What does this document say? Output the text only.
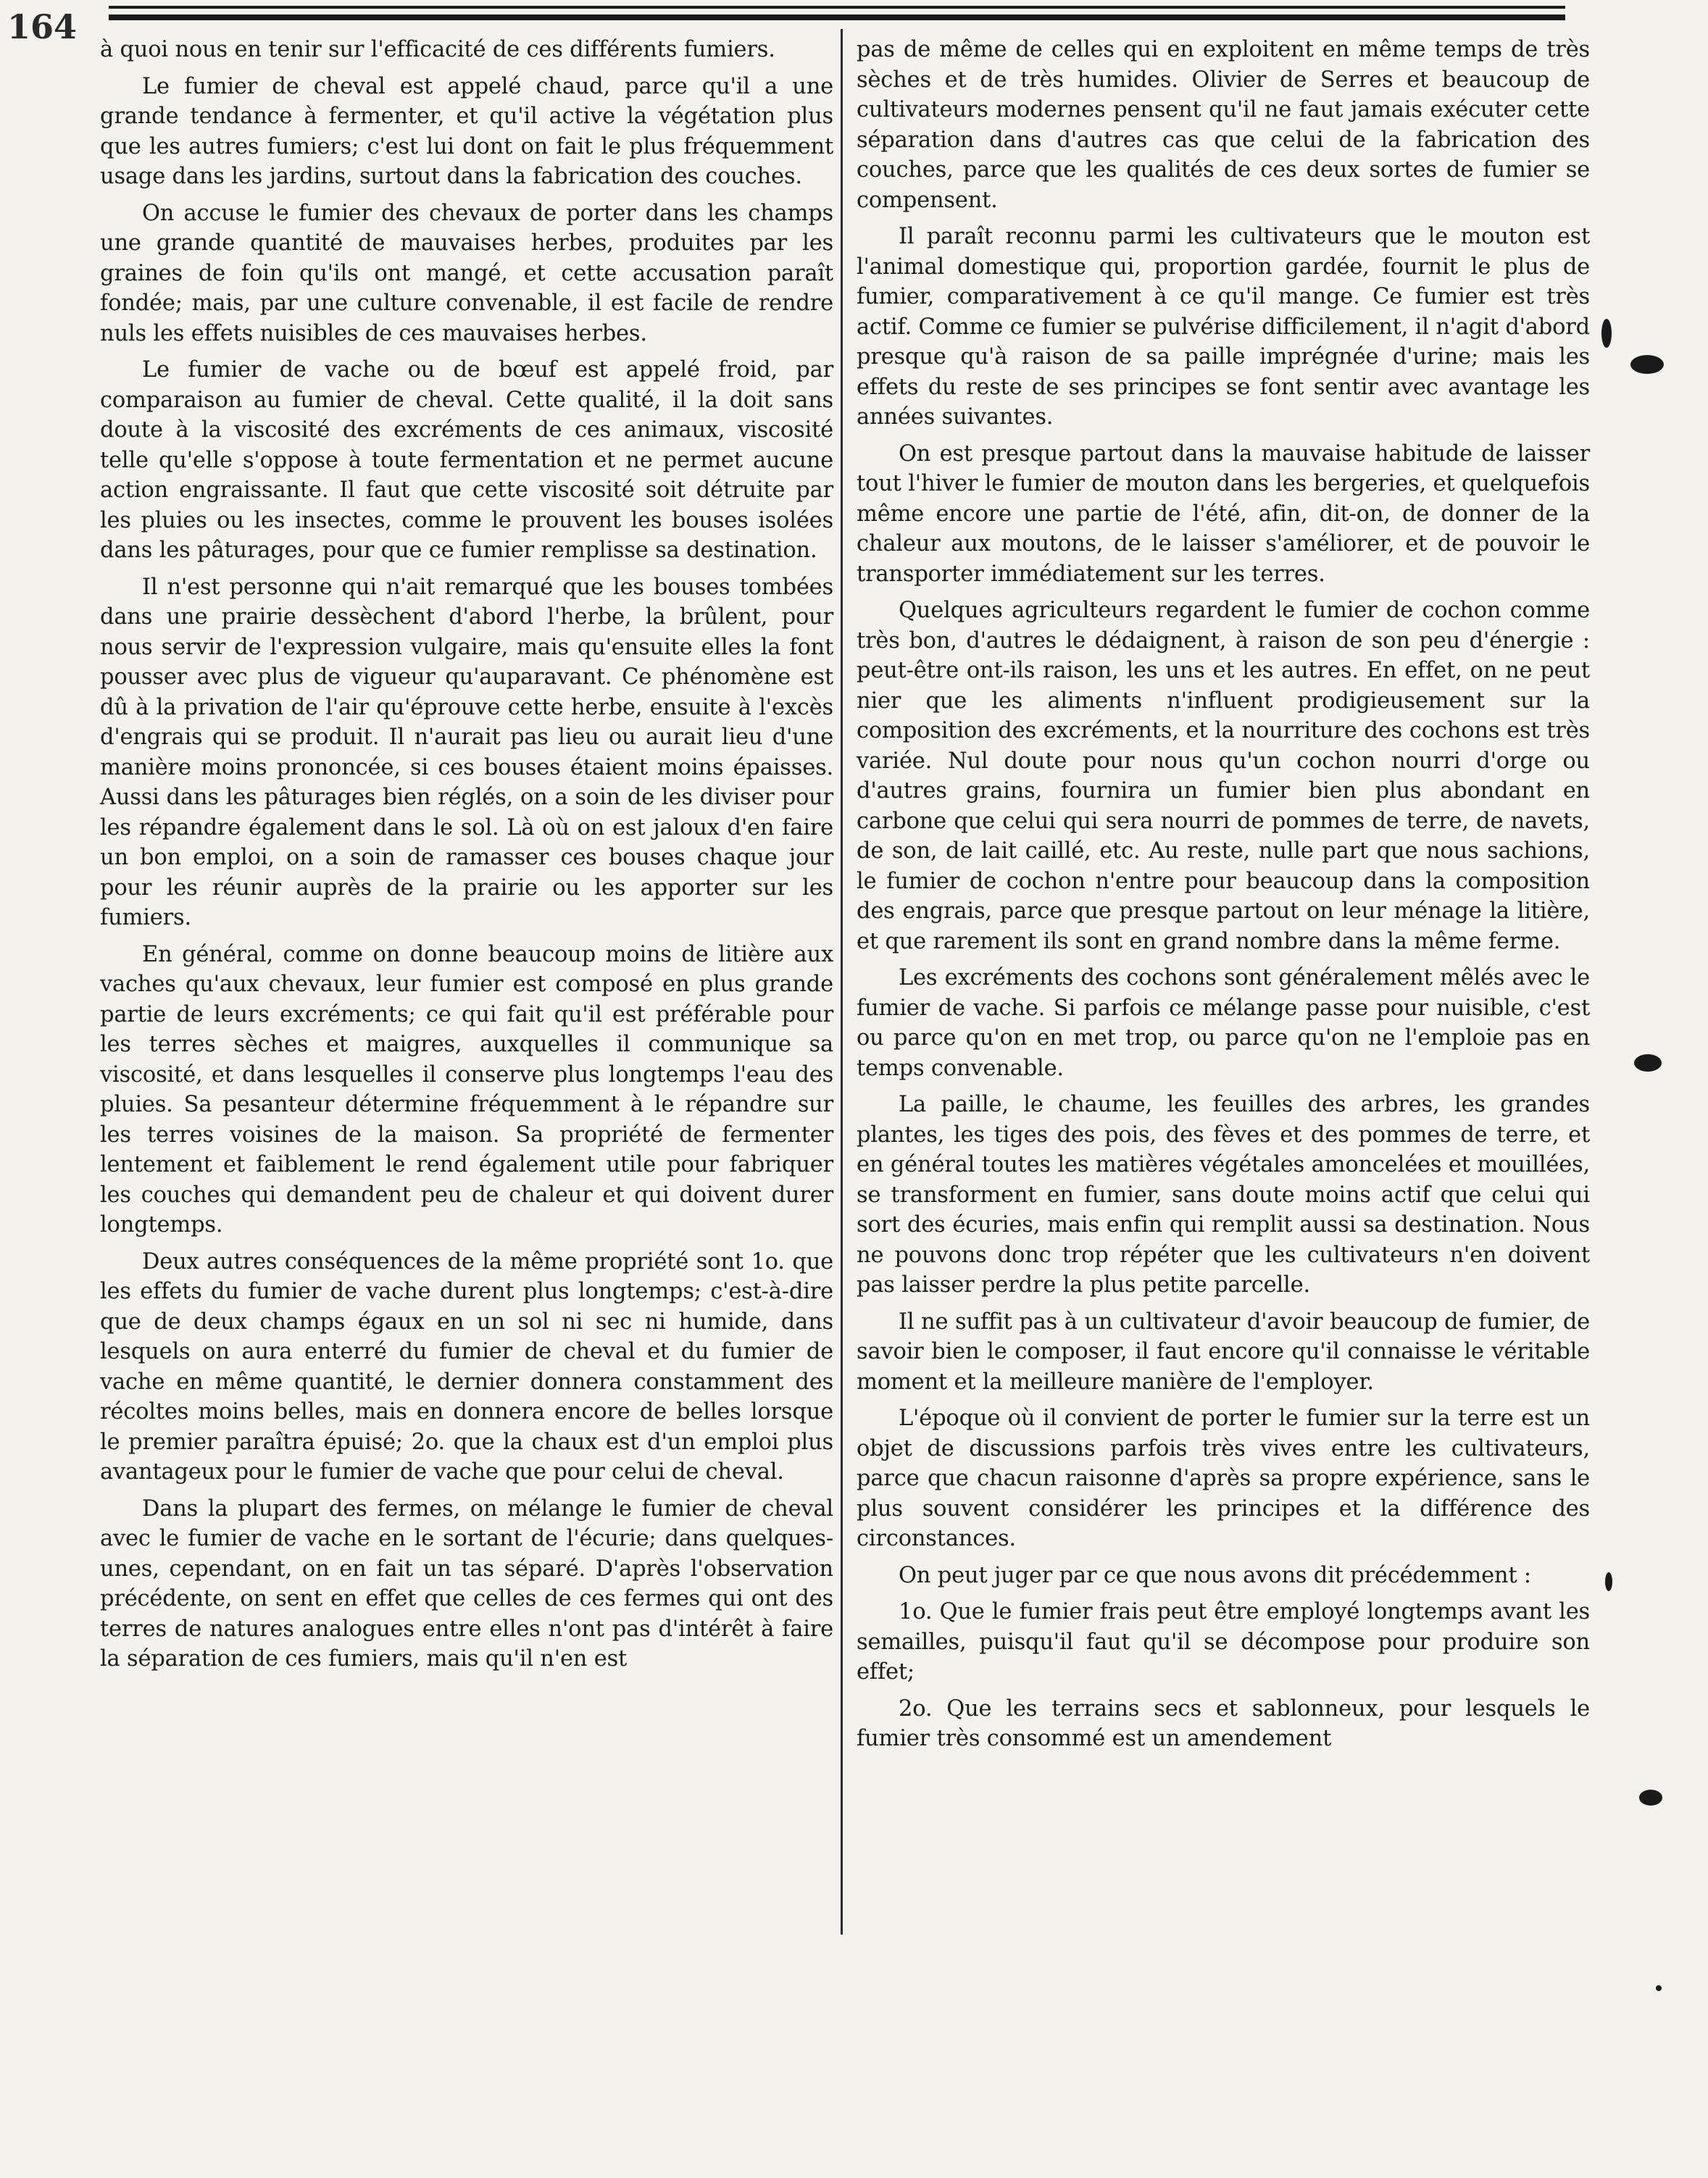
164

à quoi nous en tenir sur l'efficacité de ces différents fumiers.

Le fumier de cheval est appelé chaud, parce qu'il a une grande tendance à fermenter, et qu'il active la végétation plus que les autres fumiers; c'est lui dont on fait le plus fréquemment usage dans les jardins, surtout dans la fabrication des couches.

On accuse le fumier des chevaux de porter dans les champs une grande quantité de mauvaises herbes, produites par les graines de foin qu'ils ont mangé, et cette accusation paraît fondée; mais, par une culture convenable, il est facile de rendre nuls les effets nuisibles de ces mauvaises herbes.

Le fumier de vache ou de bœuf est appelé froid, par comparaison au fumier de cheval. Cette qualité, il la doit sans doute à la viscosité des excréments de ces animaux, viscosité telle qu'elle s'oppose à toute fermentation et ne permet aucune action engraissante. Il faut que cette viscosité soit détruite par les pluies ou les insectes, comme le prouvent les bouses isolées dans les pâturages, pour que ce fumier remplisse sa destination.

Il n'est personne qui n'ait remarqué que les bouses tombées dans une prairie dessèchent d'abord l'herbe, la brûlent, pour nous servir de l'expression vulgaire, mais qu'ensuite elles la font pousser avec plus de vigueur qu'auparavant. Ce phénomène est dû à la privation de l'air qu'éprouve cette herbe, ensuite à l'excès d'engrais qui se produit. Il n'aurait pas lieu ou aurait lieu d'une manière moins prononcée, si ces bouses étaient moins épaisses. Aussi dans les pâturages bien réglés, on a soin de les diviser pour les répandre également dans le sol. Là où on est jaloux d'en faire un bon emploi, on a soin de ramasser ces bouses chaque jour pour les réunir auprès de la prairie ou les apporter sur les fumiers.

En général, comme on donne beaucoup moins de litière aux vaches qu'aux chevaux, leur fumier est composé en plus grande partie de leurs excréments; ce qui fait qu'il est préférable pour les terres sèches et maigres, auxquelles il communique sa viscosité, et dans lesquelles il conserve plus longtemps l'eau des pluies. Sa pesanteur détermine fréquemment à le répandre sur les terres voisines de la maison. Sa propriété de fermenter lentement et faiblement le rend également utile pour fabriquer les couches qui demandent peu de chaleur et qui doivent durer longtemps.

Deux autres conséquences de la même propriété sont 1o. que les effets du fumier de vache durent plus longtemps; c'est-à-dire que de deux champs égaux en un sol ni sec ni humide, dans lesquels on aura enterré du fumier de cheval et du fumier de vache en même quantité, le dernier donnera constamment des récoltes moins belles, mais en donnera encore de belles lorsque le premier paraîtra épuisé; 2o. que la chaux est d'un emploi plus avantageux pour le fumier de vache que pour celui de cheval.

Dans la plupart des fermes, on mélange le fumier de cheval avec le fumier de vache en le sortant de l'écurie; dans quelques-unes, cependant, on en fait un tas séparé. D'après l'observation précédente, on sent en effet que celles de ces fermes qui ont des terres de natures analogues entre elles n'ont pas d'intérêt à faire la séparation de ces fumiers, mais qu'il n'en est

pas de même de celles qui en exploitent en même temps de très sèches et de très humides. Olivier de Serres et beaucoup de cultivateurs modernes pensent qu'il ne faut jamais exécuter cette séparation dans d'autres cas que celui de la fabrication des couches, parce que les qualités de ces deux sortes de fumier se compensent.

Il paraît reconnu parmi les cultivateurs que le mouton est l'animal domestique qui, proportion gardée, fournit le plus de fumier, comparativement à ce qu'il mange. Ce fumier est très actif. Comme ce fumier se pulvérise difficilement, il n'agit d'abord presque qu'à raison de sa paille imprégnée d'urine; mais les effets du reste de ses principes se font sentir avec avantage les années suivantes.

On est presque partout dans la mauvaise habitude de laisser tout l'hiver le fumier de mouton dans les bergeries, et quelquefois même encore une partie de l'été, afin, dit-on, de donner de la chaleur aux moutons, de le laisser s'améliorer, et de pouvoir le transporter immédiatement sur les terres.

Quelques agriculteurs regardent le fumier de cochon comme très bon, d'autres le dédaignent, à raison de son peu d'énergie : peut-être ont-ils raison, les uns et les autres. En effet, on ne peut nier que les aliments n'influent prodigieusement sur la composition des excréments, et la nourriture des cochons est très variée. Nul doute pour nous qu'un cochon nourri d'orge ou d'autres grains, fournira un fumier bien plus abondant en carbone que celui qui sera nourri de pommes de terre, de navets, de son, de lait caillé, etc. Au reste, nulle part que nous sachions, le fumier de cochon n'entre pour beaucoup dans la composition des engrais, parce que presque partout on leur ménage la litière, et que rarement ils sont en grand nombre dans la même ferme.

Les excréments des cochons sont généralement mêlés avec le fumier de vache. Si parfois ce mélange passe pour nuisible, c'est ou parce qu'on en met trop, ou parce qu'on ne l'emploie pas en temps convenable.

La paille, le chaume, les feuilles des arbres, les grandes plantes, les tiges des pois, des fèves et des pommes de terre, et en général toutes les matières végétales amoncelées et mouillées, se transforment en fumier, sans doute moins actif que celui qui sort des écuries, mais enfin qui remplit aussi sa destination. Nous ne pouvons donc trop répéter que les cultivateurs n'en doivent pas laisser perdre la plus petite parcelle.

Il ne suffit pas à un cultivateur d'avoir beaucoup de fumier, de savoir bien le composer, il faut encore qu'il connaisse le véritable moment et la meilleure manière de l'employer.

L'époque où il convient de porter le fumier sur la terre est un objet de discussions parfois très vives entre les cultivateurs, parce que chacun raisonne d'après sa propre expérience, sans le plus souvent considérer les principes et la différence des circonstances.

On peut juger par ce que nous avons dit précédemment :

1o. Que le fumier frais peut être employé longtemps avant les semailles, puisqu'il faut qu'il se décompose pour produire son effet;

2o. Que les terrains secs et sablonneux, pour lesquels le fumier très consommé est un amendement
